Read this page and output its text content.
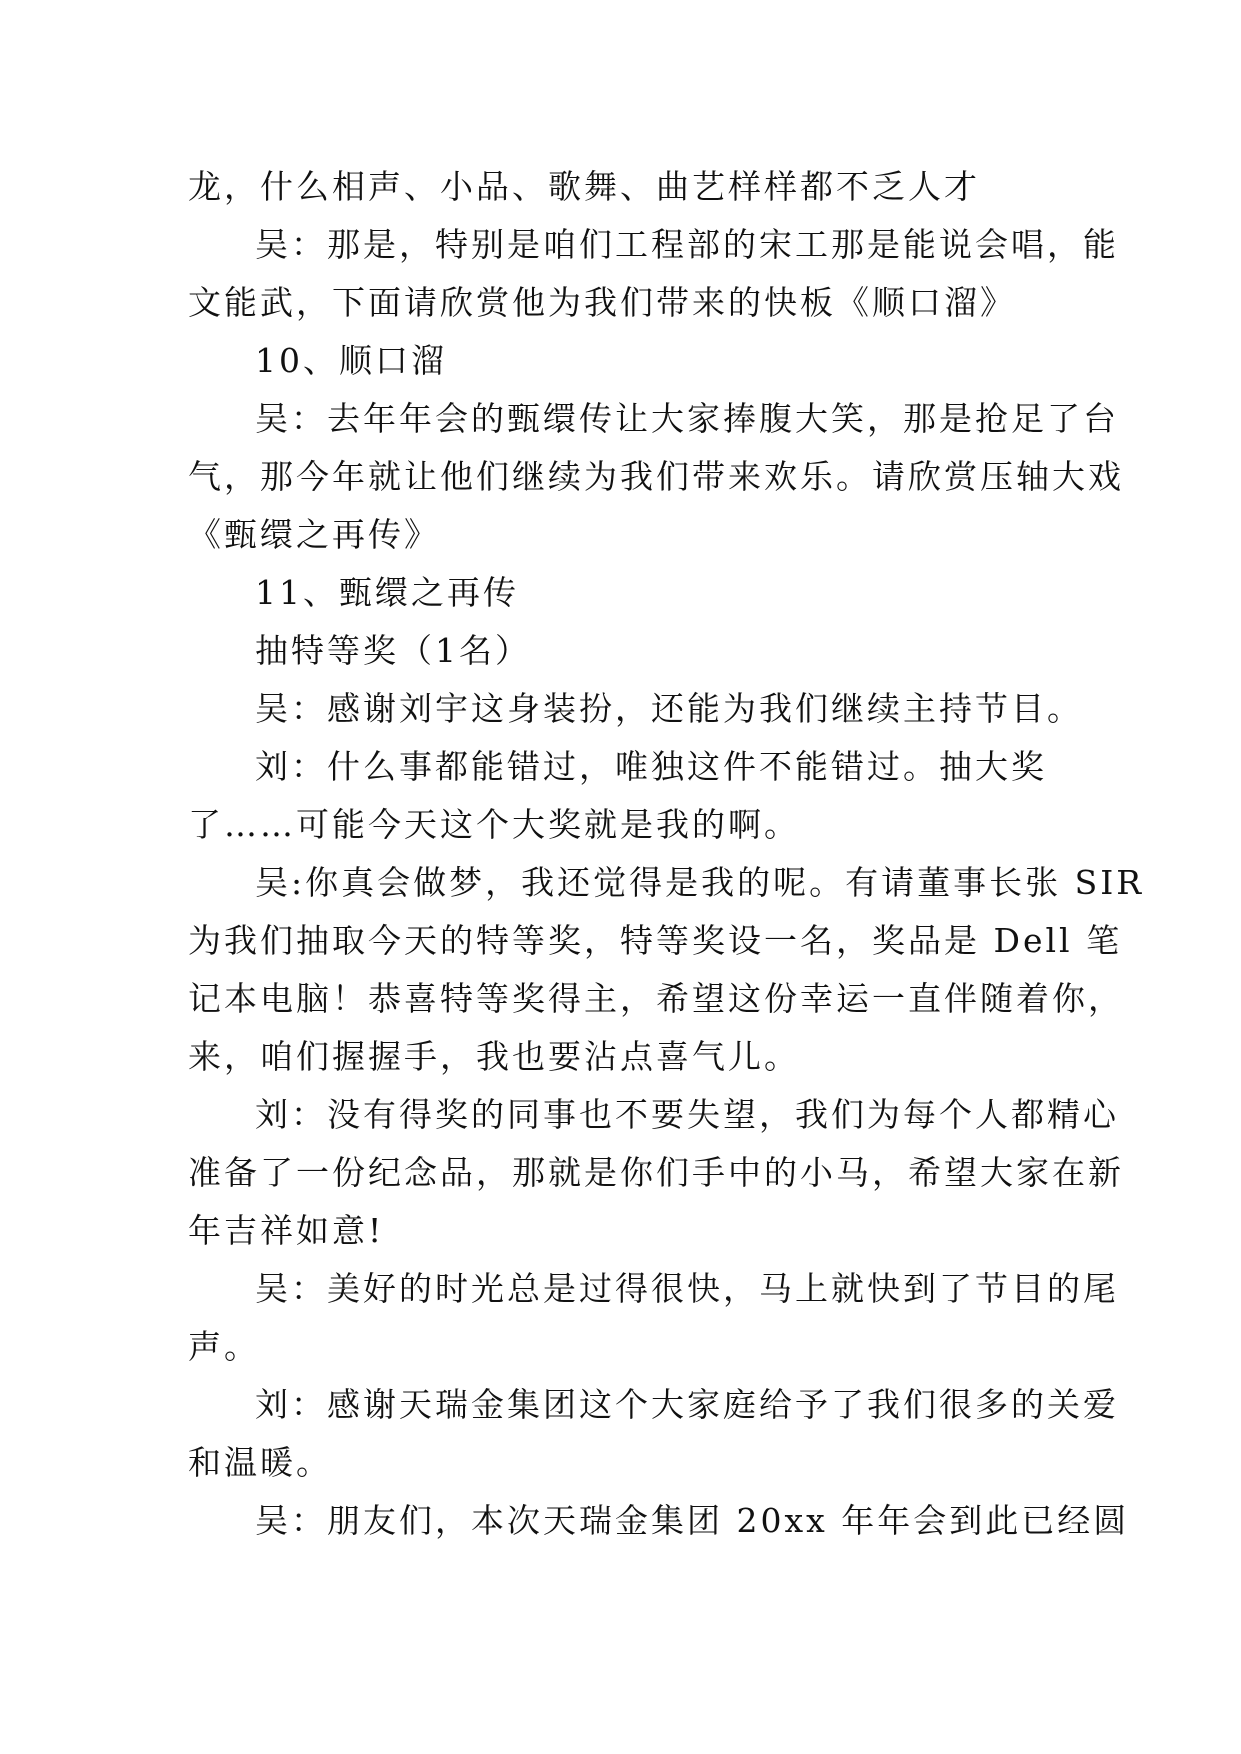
龙，什么相声、小品、歌舞、曲艺样样都不乏人才

吴：那是，特别是咱们工程部的宋工那是能说会唱，能

文能武，下面请欣赏他为我们带来的快板《顺口溜》

10、顺口溜

吴：去年年会的甄缳传让大家捧腹大笑，那是抢足了台

气，那今年就让他们继续为我们带来欢乐。请欣赏压轴大戏

《甄缳之再传》

11、甄缳之再传

抽特等奖（1名）

吴：感谢刘宇这身装扮，还能为我们继续主持节目。

刘：什么事都能错过，唯独这件不能错过。抽大奖

了……可能今天这个大奖就是我的啊。

吴:你真会做梦，我还觉得是我的呢。有请董事长张 SIR

为我们抽取今天的特等奖，特等奖设一名，奖品是 Dell 笔

记本电脑！恭喜特等奖得主，希望这份幸运一直伴随着你，

来，咱们握握手，我也要沾点喜气儿。

刘：没有得奖的同事也不要失望，我们为每个人都精心

准备了一份纪念品，那就是你们手中的小马，希望大家在新

年吉祥如意!

吴：美好的时光总是过得很快，马上就快到了节目的尾

声。

刘：感谢天瑞金集团这个大家庭给予了我们很多的关爱

和温暖。

吴：朋友们，本次天瑞金集团 20xx 年年会到此已经圆
